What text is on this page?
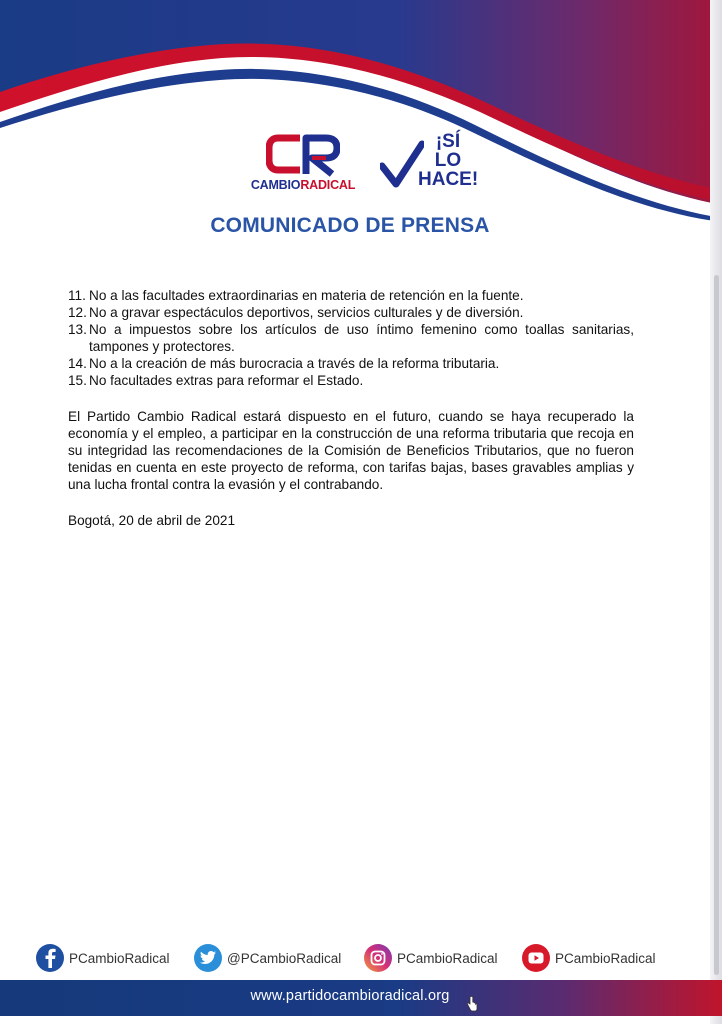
CAMBIORADICAL
¡SÍ
LO
HACE!
COMUNICADO DE PRENSA
11. No a las facultades extraordinarias en materia de retención en la fuente.
12. No a gravar espectáculos deportivos, servicios culturales y de diversión.
13. No a impuestos sobre los artículos de uso íntimo femenino como toallas sanitarias, tampones y protectores.
14. No a la creación de más burocracia a través de la reforma tributaria.
15. No facultades extras para reformar el Estado.
El Partido Cambio Radical estará dispuesto en el futuro, cuando se haya recuperado la economía y el empleo, a participar en la construcción de una reforma tributaria que recoja en su integridad las recomendaciones de la Comisión de Beneficios Tributarios, que no fueron tenidas en cuenta en este proyecto de reforma, con tarifas bajas, bases gravables amplias y una lucha frontal contra la evasión y el contrabando.
Bogotá, 20 de abril de 2021
PCambioRadical	@PCambioRadical	PCambioRadical	PCambioRadical
www.partidocambioradical.org
